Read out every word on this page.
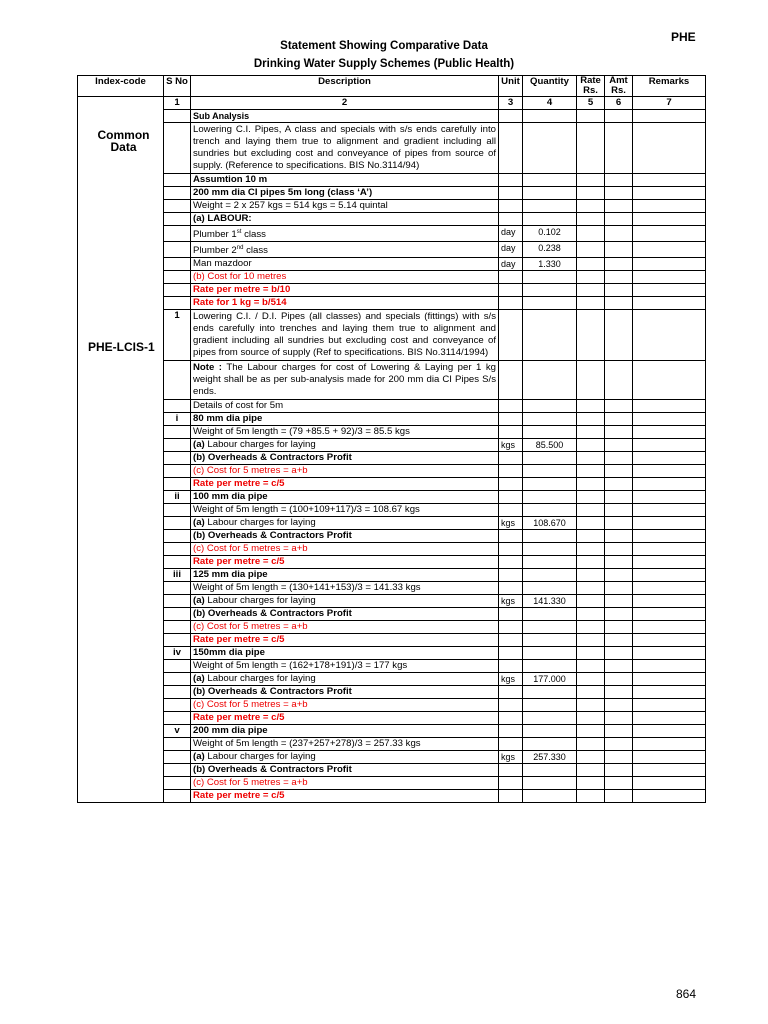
PHE
Statement Showing Comparative Data
Drinking Water Supply Schemes (Public Health)
Index-code	S No	Description	Unit	Quantity	Rate Rs.	Amt Rs.	Remarks

Common Data
PHE-LCIS-1	1	2	3	4	5	6	7
		Sub Analysis					
		Lowering C.I. Pipes, A class and specials with s/s ends carefully into trench and laying them true to alignment and gradient including all sundries but excluding cost and conveyance of pipes from source of supply. (Reference to specifications. BIS No.3114/94)					
		Assumtion 10 m					
		200 mm dia CI pipes 5m long (class ‘A’)					
		Weight = 2 x 257 kgs = 514 kgs = 5.14 quintal					
		(a) LABOUR:					
		Plumber 1st class	day	0.102			
		Plumber 2nd class	day	0.238			
		Man mazdoor	day	1.330			
		(b) Cost for 10 metres					
		Rate per metre = b/10					
		Rate for 1 kg = b/514					
	1	Lowering C.I. / D.I. Pipes (all classes) and specials (fittings) with s/s ends carefully into trenches and laying them true to alignment and gradient including all sundries but excluding cost and conveyance of pipes from source of supply (Ref to specifications. BIS No.3114/1994)					
		Note : The Labour charges for cost of Lowering & Laying per 1 kg weight shall be as per sub-analysis made for 200 mm dia CI Pipes S/s ends.					
		Details of cost for 5m					
	i	80 mm dia pipe					
		Weight of 5m length = (79 +85.5 + 92)/3 = 85.5 kgs					
		(a) Labour charges for laying	kgs	85.500			
		(b) Overheads & Contractors Profit					
		(c) Cost for 5 metres = a+b					
		Rate per metre = c/5					
	ii	100 mm dia pipe					
		Weight of 5m length = (100+109+117)/3 = 108.67 kgs					
		(a) Labour charges for laying	kgs	108.670			
		(b) Overheads & Contractors Profit					
		(c) Cost for 5 metres = a+b					
		Rate per metre = c/5					
	iii	125 mm dia pipe					
		Weight of 5m length = (130+141+153)/3 = 141.33 kgs					
		(a) Labour charges for laying	kgs	141.330			
		(b) Overheads & Contractors Profit					
		(c) Cost for 5 metres = a+b					
		Rate per metre = c/5					
	iv	150mm dia pipe					
		Weight of 5m length = (162+178+191)/3 = 177 kgs					
		(a) Labour charges for laying	kgs	177.000			
		(b) Overheads & Contractors Profit					
		(c) Cost for 5 metres = a+b					
		Rate per metre = c/5					
	v	200 mm dia pipe					
		Weight of 5m length = (237+257+278)/3 = 257.33 kgs					
		(a) Labour charges for laying	kgs	257.330			
		(b) Overheads & Contractors Profit					
		(c) Cost for 5 metres = a+b					
		Rate per metre = c/5					
864
